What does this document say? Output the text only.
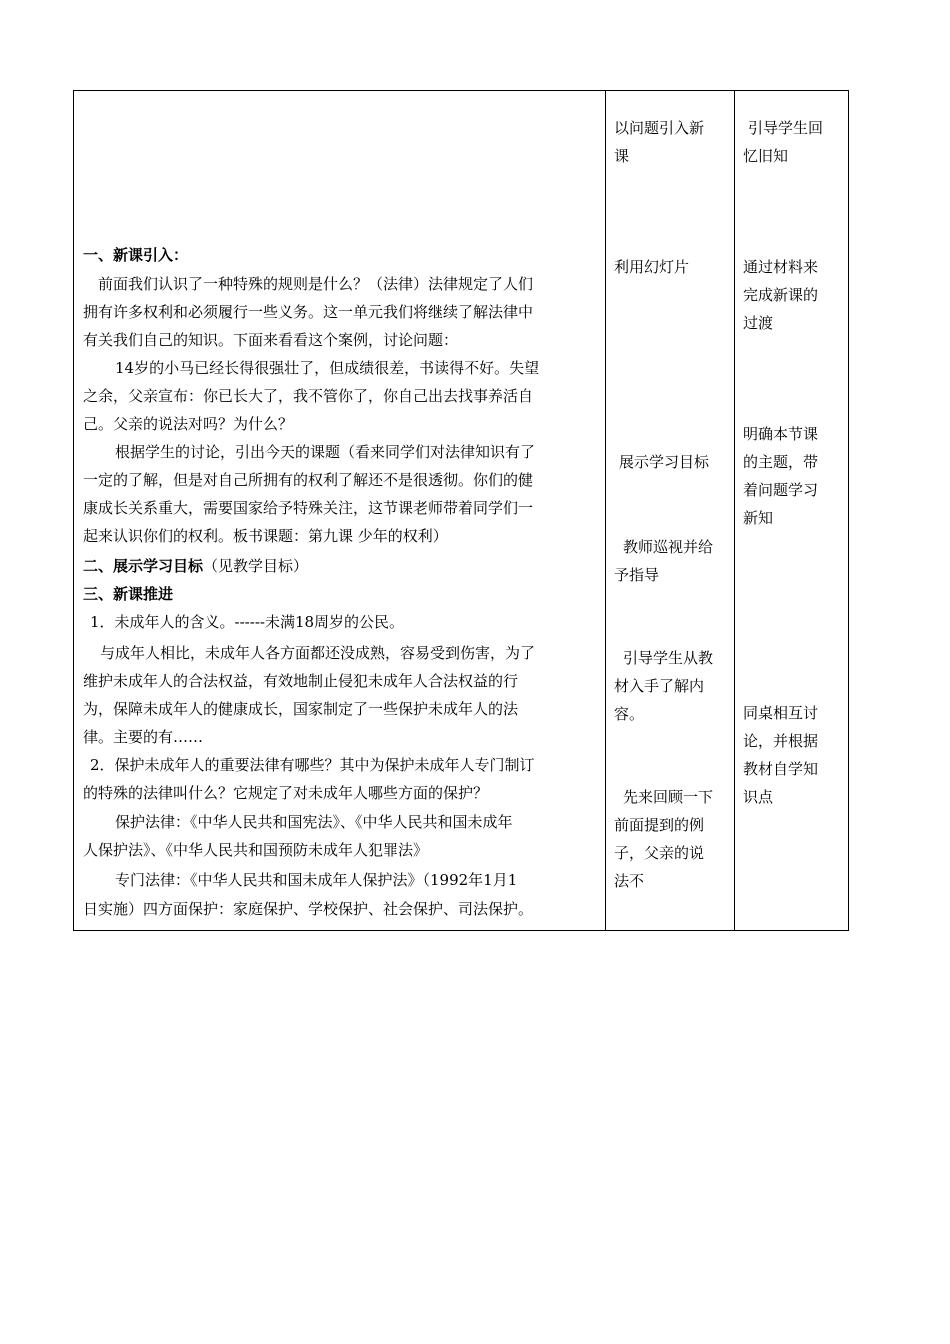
一、新课引入：
前面我们认识了一种特殊的规则是什么？（法律）法律规定了人们
拥有许多权利和必须履行一些义务。这一单元我们将继续了解法律中
有关我们自己的知识。下面来看看这个案例，讨论问题：
14岁的小马已经长得很强壮了，但成绩很差，书读得不好。失望
之余，父亲宣布：你已长大了，我不管你了，你自己出去找事养活自
己。父亲的说法对吗？为什么？
根据学生的讨论，引出今天的课题（看来同学们对法律知识有了
一定的了解，但是对自己所拥有的权利了解还不是很透彻。你们的健
康成长关系重大，需要国家给予特殊关注，这节课老师带着同学们一
起来认识你们的权利。板书课题：第九课 少年的权利）
二、展示学习目标（见教学目标）
三、新课推进
1．未成年人的含义。------未满18周岁的公民。
与成年人相比，未成年人各方面都还没成熟，容易受到伤害，为了
维护未成年人的合法权益，有效地制止侵犯未成年人合法权益的行
为，保障未成年人的健康成长，国家制定了一些保护未成年人的法
律。主要的有……
2．保护未成年人的重要法律有哪些？其中为保护未成年人专门制订
的特殊的法律叫什么？它规定了对未成年人哪些方面的保护？
保护法律：《中华人民共和国宪法》、《中华人民共和国未成年
人保护法》、《中华人民共和国预防未成年人犯罪法》
专门法律：《中华人民共和国未成年人保护法》（1992年1月1
日实施）四方面保护：家庭保护、学校保护、社会保护、司法保护。
以问题引入新
课
利用幻灯片
展示学习目标
教师巡视并给
予指导
引导学生从教
材入手了解内
容。
先来回顾一下
前面提到的例
子，父亲的说
法不
引导学生回
忆旧知
通过材料来
完成新课的
过渡
明确本节课
的主题，带
着问题学习
新知
同桌相互讨
论，并根据
教材自学知
识点
